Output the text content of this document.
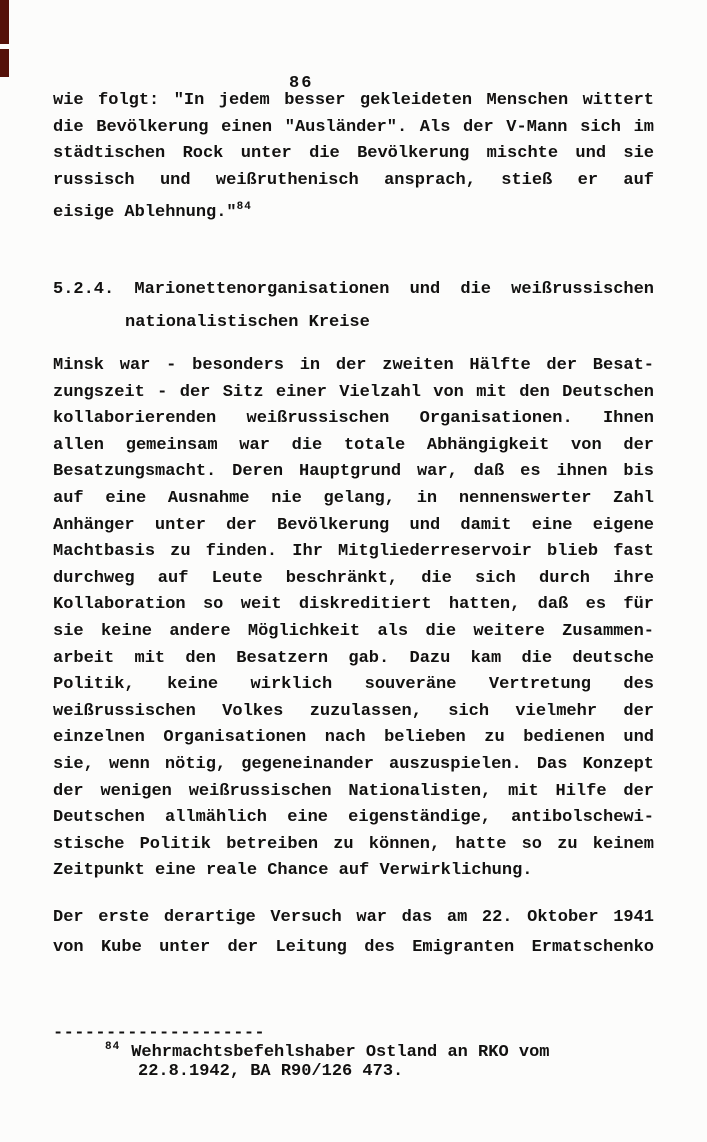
86
wie folgt: "In jedem besser gekleideten Menschen wittert
die Bevölkerung einen "Ausländer". Als der V-Mann sich im
städtischen Rock unter die Bevölkerung mischte und sie
russisch und weißruthenisch ansprach, stieß er auf
eisige Ablehnung."$^{84}$
5.2.4. Marionettenorganisationen und die weißrussischen
nationalistischen Kreise
Minsk war - besonders in der zweiten Hälfte der Besat-
zungszeit - der Sitz einer Vielzahl von mit den Deutschen
kollaborierenden weißrussischen Organisationen. Ihnen
allen gemeinsam war die totale Abhängigkeit von der
Besatzungsmacht. Deren Hauptgrund war, daß es ihnen bis
auf eine Ausnahme nie gelang, in nennenswerter Zahl
Anhänger unter der Bevölkerung und damit eine eigene
Machtbasis zu finden. Ihr Mitgliederreservoir blieb fast
durchweg auf Leute beschränkt, die sich durch ihre
Kollaboration so weit diskreditiert hatten, daß es für
sie keine andere Möglichkeit als die weitere Zusammen-
arbeit mit den Besatzern gab. Dazu kam die deutsche
Politik, keine wirklich souveräne Vertretung des
weißrussischen Volkes zuzulassen, sich vielmehr der
einzelnen Organisationen nach belieben zu bedienen und
sie, wenn nötig, gegeneinander auszuspielen. Das Konzept
der wenigen weißrussischen Nationalisten, mit Hilfe der
Deutschen allmählich eine eigenständige, antibolschewi-
stische Politik betreiben zu können, hatte so zu keinem
Zeitpunkt eine reale Chance auf Verwirklichung.
Der erste derartige Versuch war das am 22. Oktober 1941
von Kube unter der Leitung des Emigranten Ermatschenko
--------------------
$^{84}$ Wehrmachtsbefehlshaber Ostland an RKO vom
22.8.1942, BA R90/126 473.
